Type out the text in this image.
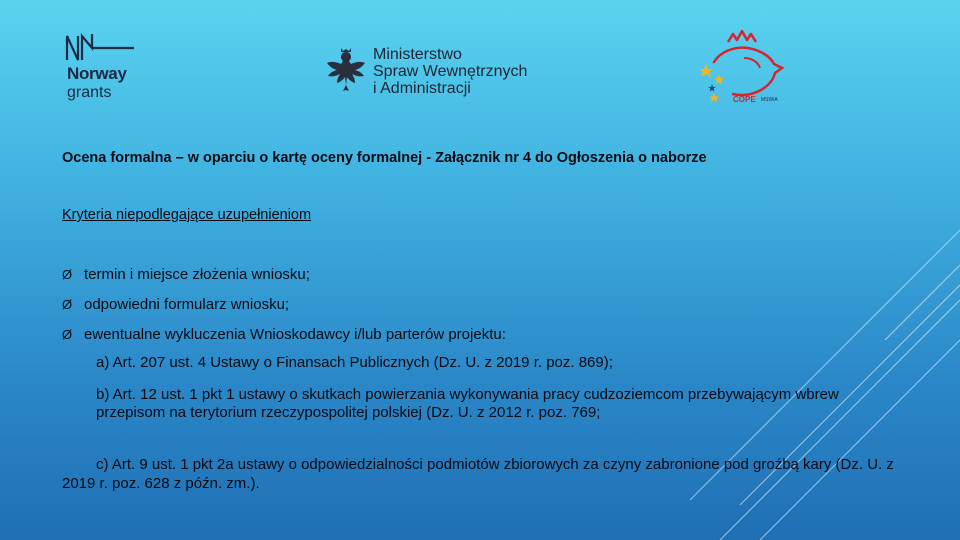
Norway
grants
Ministerstwo
Spraw Wewnętrznych
i Administracji
COPE MSWiA
Ocena formalna – w oparciu o kartę oceny formalnej - Załącznik nr 4 do Ogłoszenia o naborze
Kryteria niepodlegające uzupełnieniom
Ø termin i miejsce złożenia wniosku;
Ø odpowiedni formularz wniosku;
Ø ewentualne wykluczenia Wnioskodawcy i/lub parterów projektu:
a) Art. 207 ust. 4 Ustawy o Finansach Publicznych (Dz. U. z 2019 r. poz. 869);
b) Art. 12 ust. 1 pkt 1 ustawy o skutkach powierzania wykonywania pracy cudzoziemcom przebywającym wbrew przepisom na terytorium rzeczypospolitej polskiej (Dz. U. z 2012 r. poz. 769;
c) Art. 9 ust. 1 pkt 2a ustawy o odpowiedzialności podmiotów zbiorowych za czyny zabronione pod groźbą kary (Dz. U. z 2019 r. poz. 628 z późn. zm.).
